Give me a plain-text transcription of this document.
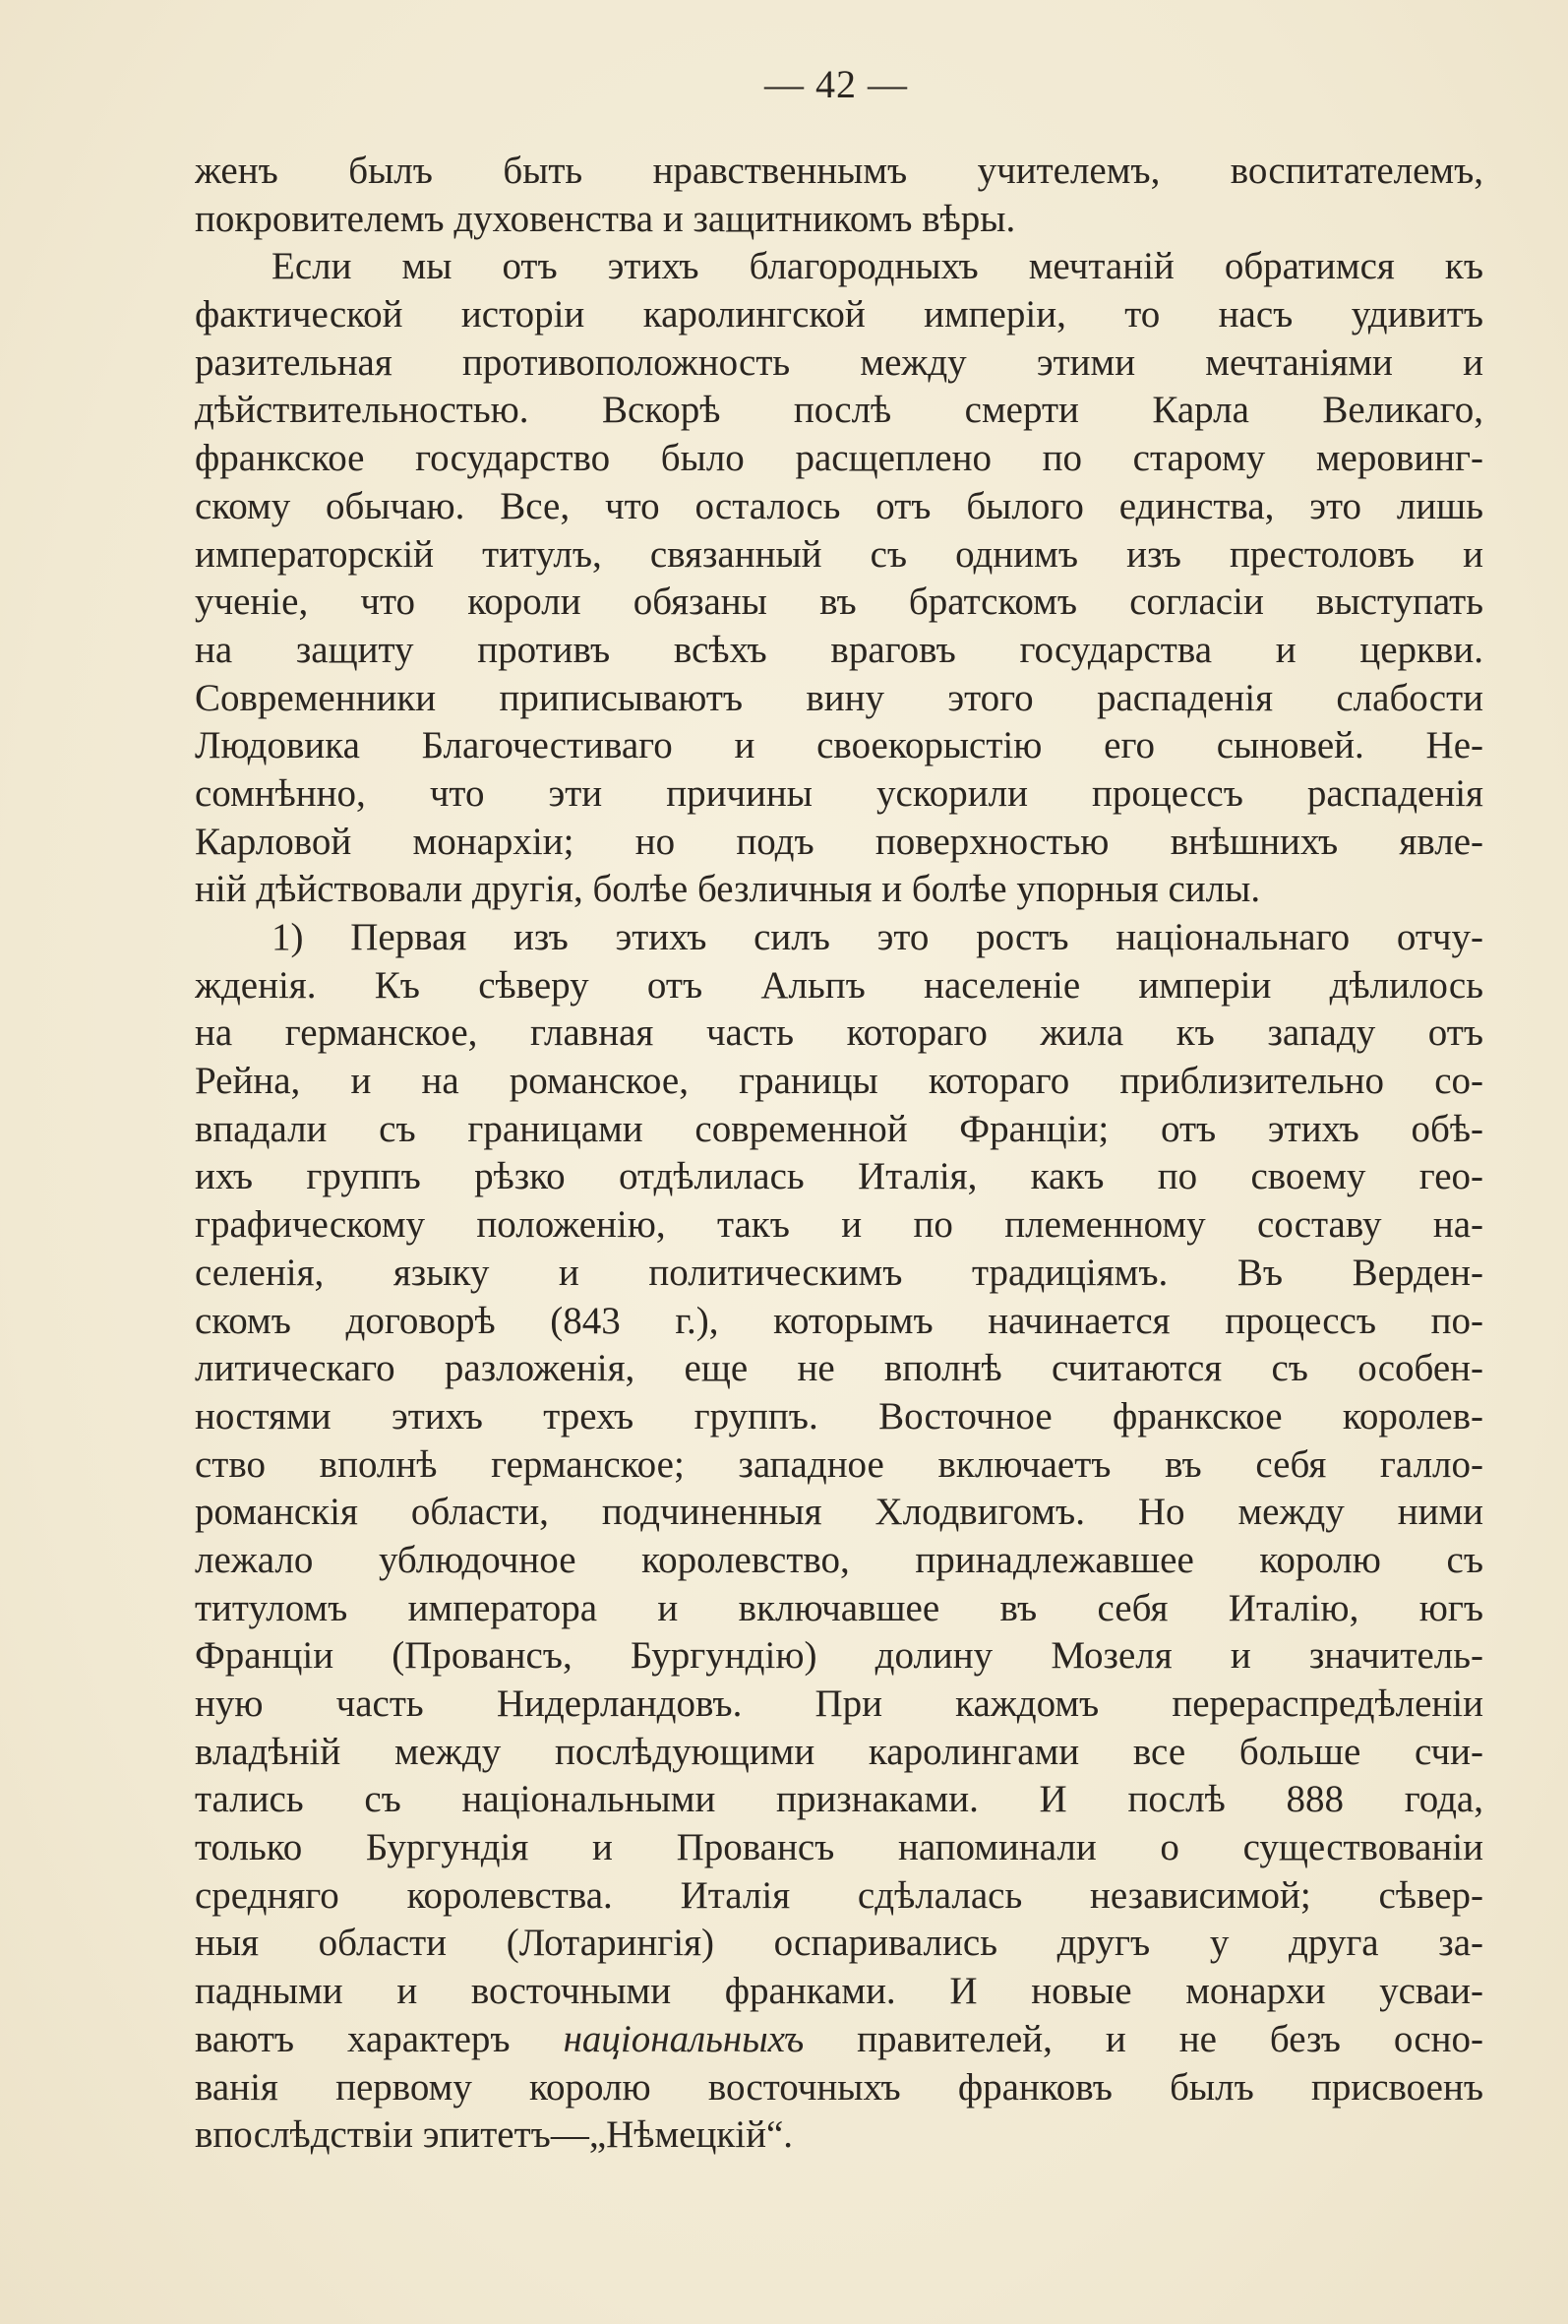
— 42 —
женъ былъ быть нравственнымъ учителемъ, воспитателемъ,
покровителемъ духовенства и защитникомъ вѣры.
Если мы отъ этихъ благородныхъ мечтаній обратимся къ
фактической исторіи каролингской имперіи, то насъ удивитъ
разительная противоположность между этими мечтаніями и
дѣйствительностью. Вскорѣ послѣ смерти Карла Великаго,
франкское государство было расщеплено по старому меровинг-
скому обычаю. Все, что осталось отъ былого единства, это лишь
императорскій титулъ, связанный съ однимъ изъ престоловъ и
ученіе, что короли обязаны въ братскомъ согласіи выступать
на защиту противъ всѣхъ враговъ государства и церкви.
Современники приписываютъ вину этого распаденія слабости
Людовика Благочестиваго и своекорыстію его сыновей. Не-
сомнѣнно, что эти причины ускорили процессъ распаденія
Карловой монархіи; но подъ поверхностью внѣшнихъ явле-
ній дѣйствовали другія, болѣе безличныя и болѣе упорныя силы.
1) Первая изъ этихъ силъ это ростъ національнаго отчу-
жденія. Къ сѣверу отъ Альпъ населеніе имперіи дѣлилось
на германское, главная часть котораго жила къ западу отъ
Рейна, и на романское, границы котораго приблизительно со-
впадали съ границами современной Франціи; отъ этихъ обѣ-
ихъ группъ рѣзко отдѣлилась Италія, какъ по своему гео-
графическому положенію, такъ и по племенному составу на-
селенія, языку и политическимъ традиціямъ. Въ Верден-
скомъ договорѣ (843 г.), которымъ начинается процессъ по-
литическаго разложенія, еще не вполнѣ считаются съ особен-
ностями этихъ трехъ группъ. Восточное франкское королев-
ство вполнѣ германское; западное включаетъ въ себя галло-
романскія области, подчиненныя Хлодвигомъ. Но между ними
лежало ублюдочное королевство, принадлежавшее королю съ
титуломъ императора и включавшее въ себя Италію, югъ
Франціи (Провансъ, Бургундію) долину Мозеля и значитель-
ную часть Нидерландовъ. При каждомъ перераспредѣленіи
владѣній между послѣдующими каролингами все больше счи-
тались съ національными признаками. И послѣ 888 года,
только Бургундія и Провансъ напоминали о существованіи
средняго королевства. Италія сдѣлалась независимой; сѣвер-
ныя области (Лотарингія) оспаривались другъ у друга за-
падными и восточными франками. И новые монархи усваи-
ваютъ характеръ національныхъ правителей, и не безъ осно-
ванія первому королю восточныхъ франковъ былъ присвоенъ
впослѣдствіи эпитетъ—„Нѣмецкій“.
